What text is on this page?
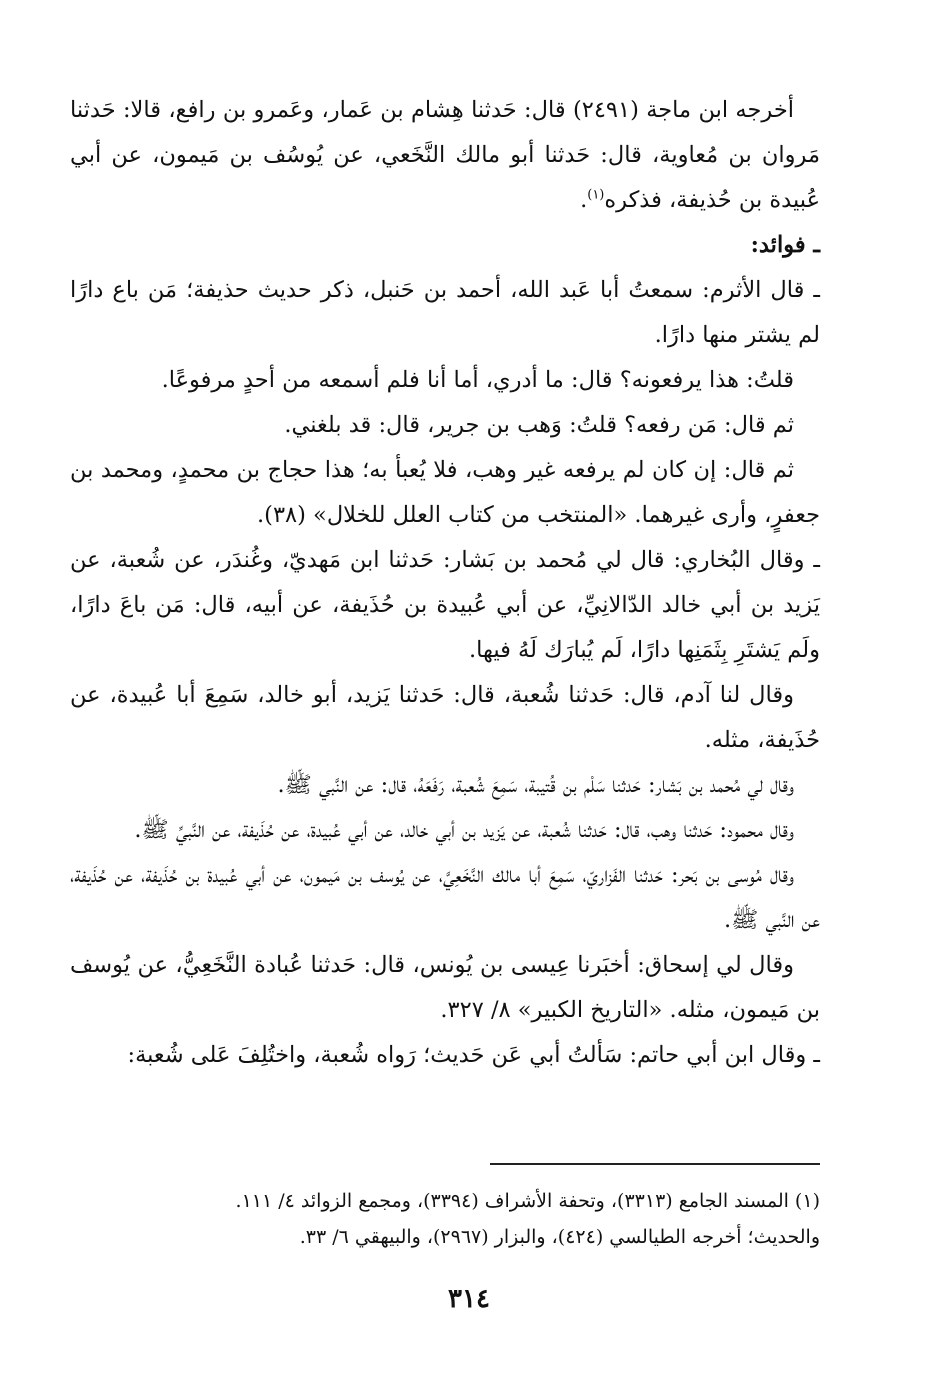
أخرجه ابن ماجة (٢٤٩١) قال: حَدثنا هِشام بن عَمار، وعَمرو بن رافع، قالا: حَدثنا مَروان بن مُعاوية، قال: حَدثنا أبو مالك النَّخَعي، عن يُوسُف بن مَيمون، عن أبي عُبيدة بن حُذيفة، فذكره$^{(١)}$.

ـ فوائد:

ـ قال الأثرم: سمعتُ أبا عَبد الله، أحمد بن حَنبل، ذكر حديث حذيفة؛ مَن باع دارًا لم يشتر منها دارًا.

قلتُ: هذا يرفعونه؟ قال: ما أدري، أما أنا فلم أسمعه من أحدٍ مرفوعًا.

ثم قال: مَن رفعه؟ قلتُ: وَهب بن جرير، قال: قد بلغني.

ثم قال: إن كان لم يرفعه غير وهب، فلا يُعبأ به؛ هذا حجاج بن محمدٍ، ومحمد بن جعفرٍ، وأرى غيرهما. «المنتخب من كتاب العلل للخلال» (٣٨).

ـ وقال البُخاري: قال لي مُحمد بن بَشار: حَدثنا ابن مَهديّ، وغُندَر، عن شُعبة، عن يَزيد بن أبي خالد الدّالانِيِّ، عن أبي عُبيدة بن حُذَيفة، عن أبيه، قال: مَن باعَ دارًا، ولَم يَشتَرِ بِثَمَنِها دارًا، لَم يُبارَك لَهُ فيها.

وقال لنا آدم، قال: حَدثنا شُعبة، قال: حَدثنا يَزيد، أبو خالد، سَمِعَ أبا عُبيدة، عن حُذَيفة، مثله.

وقال لي مُحمد بن بَشار: حَدثنا سَلْم بن قُتيبة، سَمِعَ شُعبة، رَفَعَهُ، قال: عن النَّبي ﷺ.

وقال محمود: حَدثنا وهب، قال: حَدثنا شُعبة، عن يَزيد بن أبي خالد، عن أبي عُبيدة، عن حُذَيفة، عن النَّبيِّ ﷺ.

وقال مُوسى بن بَحر: حَدثنا الفَزاريّ، سَمِعَ أبا مالك النَّخَعِيَّ، عن يُوسف بن مَيمون، عن أبي عُبيدة بن حُذَيفة، عن حُذَيفة، عن النَّبي ﷺ.

وقال لي إسحاق: أخبَرنا عِيسى بن يُونس، قال: حَدثنا عُبادة النَّخَعِيُّ، عن يُوسف بن مَيمون، مثله. «التاريخ الكبير» ٨/ ٣٢٧.

ـ وقال ابن أبي حاتم: سَألتُ أبي عَن حَديث؛ رَواه شُعبة، واختُلِفَ عَلى شُعبة:

(١) المسند الجامع (٣٣١٣)، وتحفة الأشراف (٣٣٩٤)، ومجمع الزوائد ٤/ ١١١.

والحديث؛ أخرجه الطيالسي (٤٢٤)، والبزار (٢٩٦٧)، والبيهقي ٦/ ٣٣.

٣١٤
